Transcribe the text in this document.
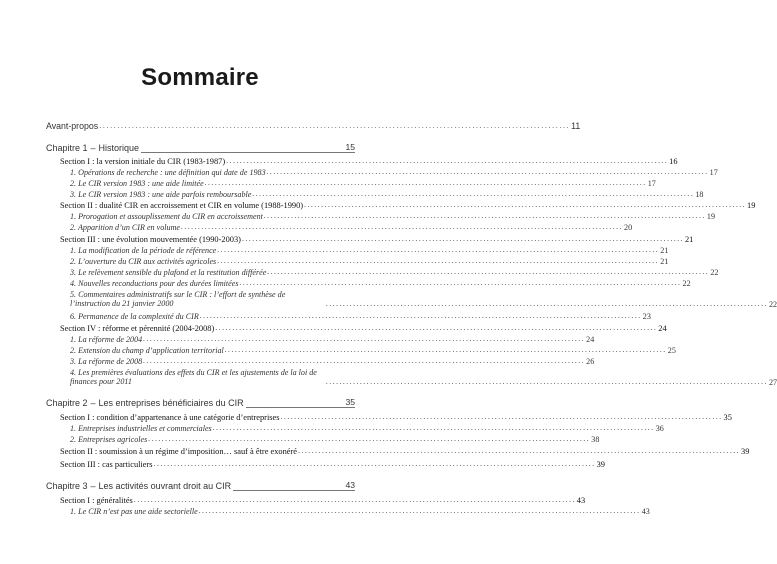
Sommaire
Avant-propos .................................................................................................................................. 11
Chapitre 1 – Historique	15
Section I : la version initiale du CIR (1983-1987) .................................................................................................................................. 16
1. Opérations de recherche : une définition qui date de 1983 .................................................................................................................................. 17
2. Le CIR version 1983 : une aide limitée .................................................................................................................................. 17
3. Le CIR version 1983 : une aide parfois remboursable .................................................................................................................................. 18
Section II : dualité CIR en accroissement et CIR en volume (1988-1990) .................................................................................................................................. 19
1. Prorogation et assouplissement du CIR en accroissement .................................................................................................................................. 19
2. Apparition d’un CIR en volume .................................................................................................................................. 20
Section III : une évolution mouvementée (1990-2003) .................................................................................................................................. 21
1. La modification de la période de référence .................................................................................................................................. 21
2. L’ouverture du CIR aux activités agricoles .................................................................................................................................. 21
3. Le relèvement sensible du plafond et la restitution différée .................................................................................................................................. 22
4. Nouvelles reconductions pour des durées limitées .................................................................................................................................. 22
5. Commentaires administratifs sur le CIR : l’effort de synthèse de l’instruction du 21 janvier 2000	.................................................................................................................................. 22
6. Permanence de la complexité du CIR .................................................................................................................................. 23
Section IV : réforme et pérennité (2004-2008) .................................................................................................................................. 24
1. La réforme de 2004 .................................................................................................................................. 24
2. Extension du champ d’application territorial .................................................................................................................................. 25
3. La réforme de 2008 .................................................................................................................................. 26
4. Les premières évaluations des effets du CIR et les ajustements de la loi de finances pour 2011	.................................................................................................................................. 27
Chapitre 2 – Les entreprises bénéficiaires du CIR	35
Section I : condition d’appartenance à une catégorie d’entreprises .................................................................................................................................. 35
1. Entreprises industrielles et commerciales .................................................................................................................................. 36
2. Entreprises agricoles .................................................................................................................................. 38
Section II : soumission à un régime d’imposition… sauf à être exonéré .................................................................................................................................. 39
Section III : cas particuliers .................................................................................................................................. 39
Chapitre 3 – Les activités ouvrant droit au CIR	43
Section I : généralités .................................................................................................................................. 43
1. Le CIR n’est pas une aide sectorielle .................................................................................................................................. 43
